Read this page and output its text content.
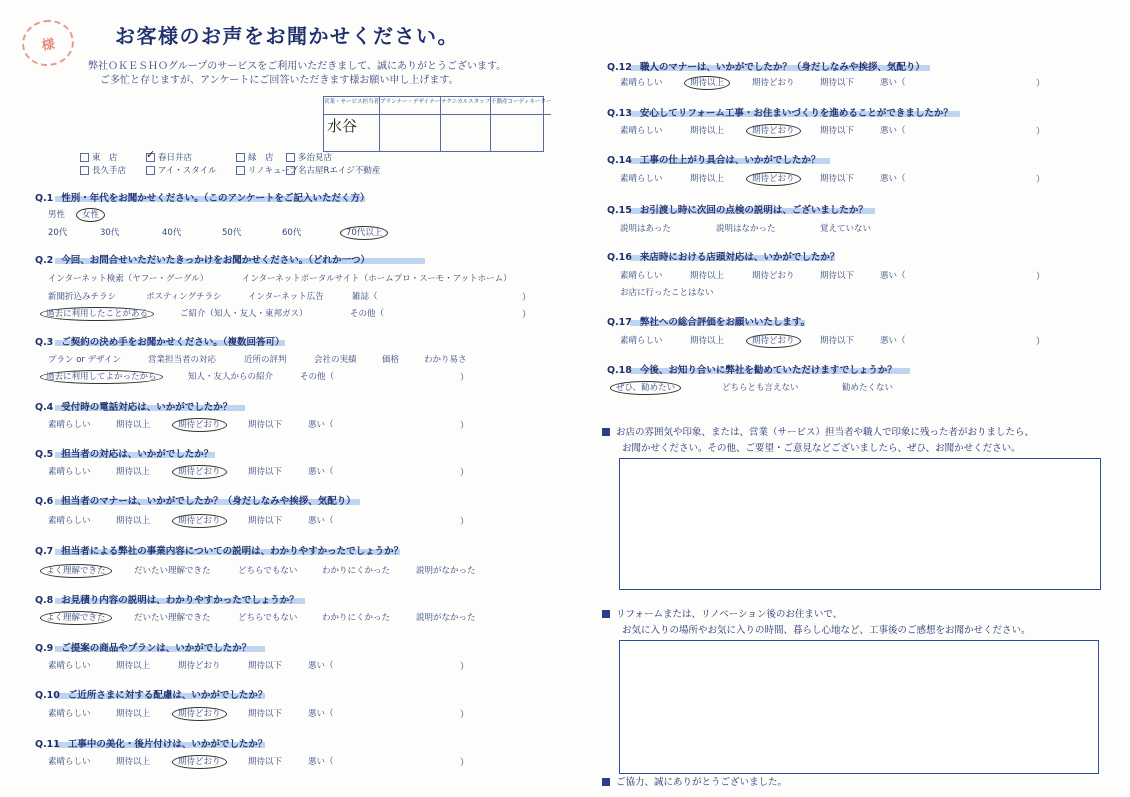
様	お客様のお声をお聞かせください。
弊社ＯＫＥＳＨＯグループのサービスをご利用いただきまして、誠にありがとうございます。
ご多忙と存じますが、アンケートにご回答いただきます様お願い申し上げます。
営業・サービス担当者
水谷
プランナー・デザイナー テクニカルスタッフ 不動産コーディネーター
東　店
✓	春日井店	緑　店	多治見店
長久手店	アイ・スタイル	リノキューブ 名古屋Rエイジ不動産
Q.1 性別・年代をお聞かせください。（このアンケートをご記入いただく方）
男性 女性
20代	30代	40代	50代	60代	70代以上
Q.2 今回、お問合せいただいたきっかけをお聞かせください。（どれか一つ）
インターネット検索（ヤフー・グーグル）	インターネットポータルサイト（ホームプロ・スーモ・アットホーム）
新聞折込みチラシ	ポスティングチラシ	インターネット広告	雑誌（	）
過去に利用したことがある	ご紹介（知人・友人・東邦ガス）	その他（	）
Q.3 ご契約の決め手をお聞かせください。（複数回答可）
プラン or デザイン	営業担当者の対応	近所の評判	会社の実績	価格	わかり易さ
過去に利用してよかったから	知人・友人からの紹介	その他（	）
Q.4 受付時の電話対応は、いかがでしたか？
素晴らしい	期待以上	期待どおり	期待以下	悪い（	）
Q.5 担当者の対応は、いかがでしたか？
素晴らしい	期待以上	期待どおり	期待以下	悪い（	）
Q.6 担当者のマナーは、いかがでしたか？（身だしなみや挨拶、気配り）
素晴らしい	期待以上	期待どおり	期待以下	悪い（	）
Q.7 担当者による弊社の事業内容についての説明は、わかりやすかったでしょうか？
よく理解できた	だいたい理解できた	どちらでもない	わかりにくかった	説明がなかった
Q.8 お見積り内容の説明は、わかりやすかったでしょうか？
よく理解できた	だいたい理解できた	どちらでもない	わかりにくかった	説明がなかった
Q.9 ご提案の商品やプランは、いかがでしたか？
素晴らしい	期待以上	期待どおり	期待以下	悪い（	）
Q.10 ご近所さまに対する配慮は、いかがでしたか？
素晴らしい	期待以上	期待どおり	期待以下	悪い（	）
Q.11 工事中の美化・後片付けは、いかがでしたか？
素晴らしい	期待以上	期待どおり	期待以下	悪い（	）
Q.12 職人のマナーは、いかがでしたか？（身だしなみや挨拶、気配り）
素晴らしい	期待以上	期待どおり	期待以下	悪い（	）
Q.13 安心してリフォーム工事・お住まいづくりを進めることができましたか？
素晴らしい	期待以上	期待どおり	期待以下	悪い（	）
Q.14 工事の仕上がり具合は、いかがでしたか？
素晴らしい	期待以上	期待どおり	期待以下	悪い（	）
Q.15 お引渡し時に次回の点検の説明は、ございましたか？
説明はあった	説明はなかった	覚えていない
Q.16 来店時における店頭対応は、いかがでしたか？
素晴らしい	期待以上	期待どおり	期待以下	悪い（	）
お店に行ったことはない
Q.17 弊社への総合評価をお願いいたします。
素晴らしい	期待以上	期待どおり	期待以下	悪い（	）
Q.18 今後、お知り合いに弊社を勧めていただけますでしょうか？
ぜひ、勧めたい	どちらとも言えない	勧めたくない
お店の雰囲気や印象、または、営業（サービス）担当者や職人で印象に残った者がおりましたら、
お聞かせください。その他、ご要望・ご意見などございましたら、ぜひ、お聞かせください。
リフォームまたは、リノベーション後のお住まいで、
お気に入りの場所やお気に入りの時間、暮らし心地など、工事後のご感想をお聞かせください。
ご協力、誠にありがとうございました。
